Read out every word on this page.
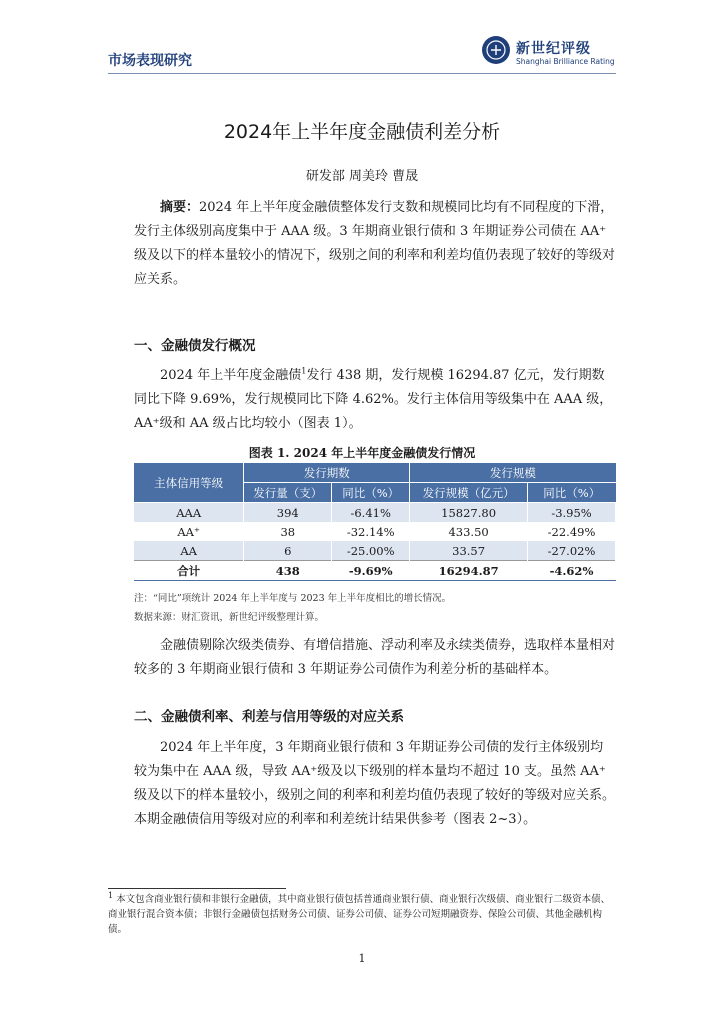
市场表现研究
新世纪评级
Shanghai Brilliance Rating
2024年上半年度金融债利差分析
研发部 周美玲 曹晟
摘要：2024 年上半年度金融债整体发行支数和规模同比均有不同程度的下滑，发行主体级别高度集中于 AAA 级。3 年期商业银行债和 3 年期证券公司债在 AA⁺级及以下的样本量较小的情况下，级别之间的利率和利差均值仍表现了较好的等级对应关系。
一、金融债发行概况
2024 年上半年度金融债$^1$发行 438 期，发行规模 16294.87 亿元，发行期数同比下降 9.69%，发行规模同比下降 4.62%。发行主体信用等级集中在 AAA 级，AA⁺级和 AA 级占比均较小（图表 1）。
图表 1. 2024 年上半年度金融债发行情况
主体信用等级	发行期数		发行规模	
	发行量（支）	同比（%）	发行规模（亿元）	同比（%）
AAA	394	-6.41%	15827.80	-3.95%
AA⁺	38	-32.14%	433.50	-22.49%
AA	6	-25.00%	33.57	-27.02%
合计	438	-9.69%	16294.87	-4.62%
注：“同比”项统计 2024 年上半年度与 2023 年上半年度相比的增长情况。
数据来源：财汇资讯，新世纪评级整理计算。
金融债剔除次级类债券、有增信措施、浮动利率及永续类债券，选取样本量相对较多的 3 年期商业银行债和 3 年期证券公司债作为利差分析的基础样本。
二、金融债利率、利差与信用等级的对应关系
2024 年上半年度，3 年期商业银行债和 3 年期证券公司债的发行主体级别均较为集中在 AAA 级，导致 AA⁺级及以下级别的样本量均不超过 10 支。虽然 AA⁺级及以下的样本量较小，级别之间的利率和利差均值仍表现了较好的等级对应关系。本期金融债信用等级对应的利率和利差统计结果供参考（图表 2~3）。
$^1$ 本文包含商业银行债和非银行金融债，其中商业银行债包括普通商业银行债、商业银行次级债、商业银行二级资本债、商业银行混合资本债；非银行金融债包括财务公司债、证券公司债、证券公司短期融资券、保险公司债、其他金融机构债。
1
